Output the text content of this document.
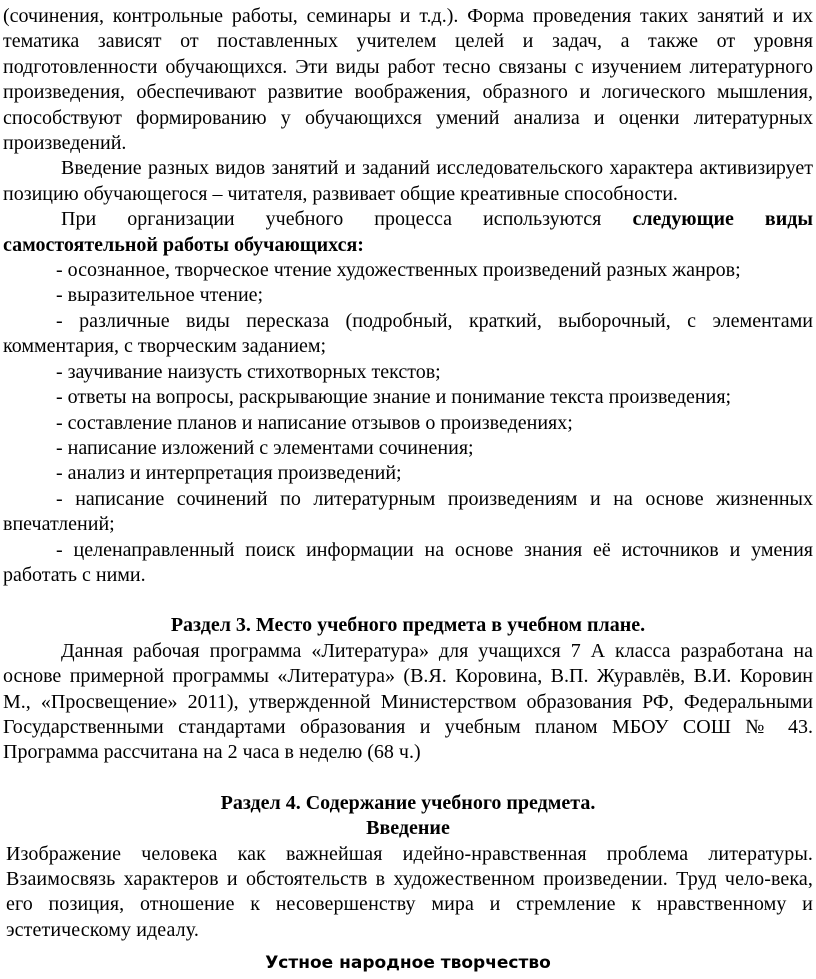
(сочинения, контрольные работы, семинары и т.д.). Форма проведения таких занятий и их тематика зависят от поставленных учителем целей и задач, а также от уровня подготовленности обучающихся. Эти виды работ тесно связаны с изучением литературного произведения, обеспечивают развитие воображения, образного и логического мышления, способствуют формированию у обучающихся умений анализа и оценки литературных произведений.

Введение разных видов занятий и заданий исследовательского характера активизирует позицию обучающегося – читателя, развивает общие креативные способности.

При организации учебного процесса используются следующие виды самостоятельной работы обучающихся:

- осознанное, творческое чтение художественных произведений разных жанров;

- выразительное чтение;

- различные виды пересказа (подробный, краткий, выборочный, с элементами комментария, с творческим заданием;

- заучивание наизусть стихотворных текстов;

- ответы на вопросы, раскрывающие знание и понимание текста произведения;

- составление планов и написание отзывов о произведениях;

- написание изложений с элементами сочинения;

- анализ и интерпретация произведений;

- написание сочинений по литературным произведениям и на основе жизненных впечатлений;

- целенаправленный поиск информации на основе знания её источников и умения работать с ними.

Раздел 3. Место учебного предмета в учебном плане.

Данная рабочая программа «Литература» для учащихся 7 А класса разработана на основе примерной программы «Литература» (В.Я. Коровина, В.П. Журавлёв, В.И. Коровин М., «Просвещение» 2011), утвержденной Министерством образования РФ, Федеральными Государственными стандартами образования и учебным планом МБОУ СОШ № 43. Программа рассчитана на 2 часа в неделю (68 ч.)

Раздел 4. Содержание учебного предмета.
Введение

Изображение человека как важнейшая идейно-нравственная проблема литературы. Взаимосвязь характеров и обстоятельств в художественном произведении. Труд чело-века, его позиция, отношение к несовершенству мира и стремление к нравственному и эстетическому идеалу.

Устное народное творчество
